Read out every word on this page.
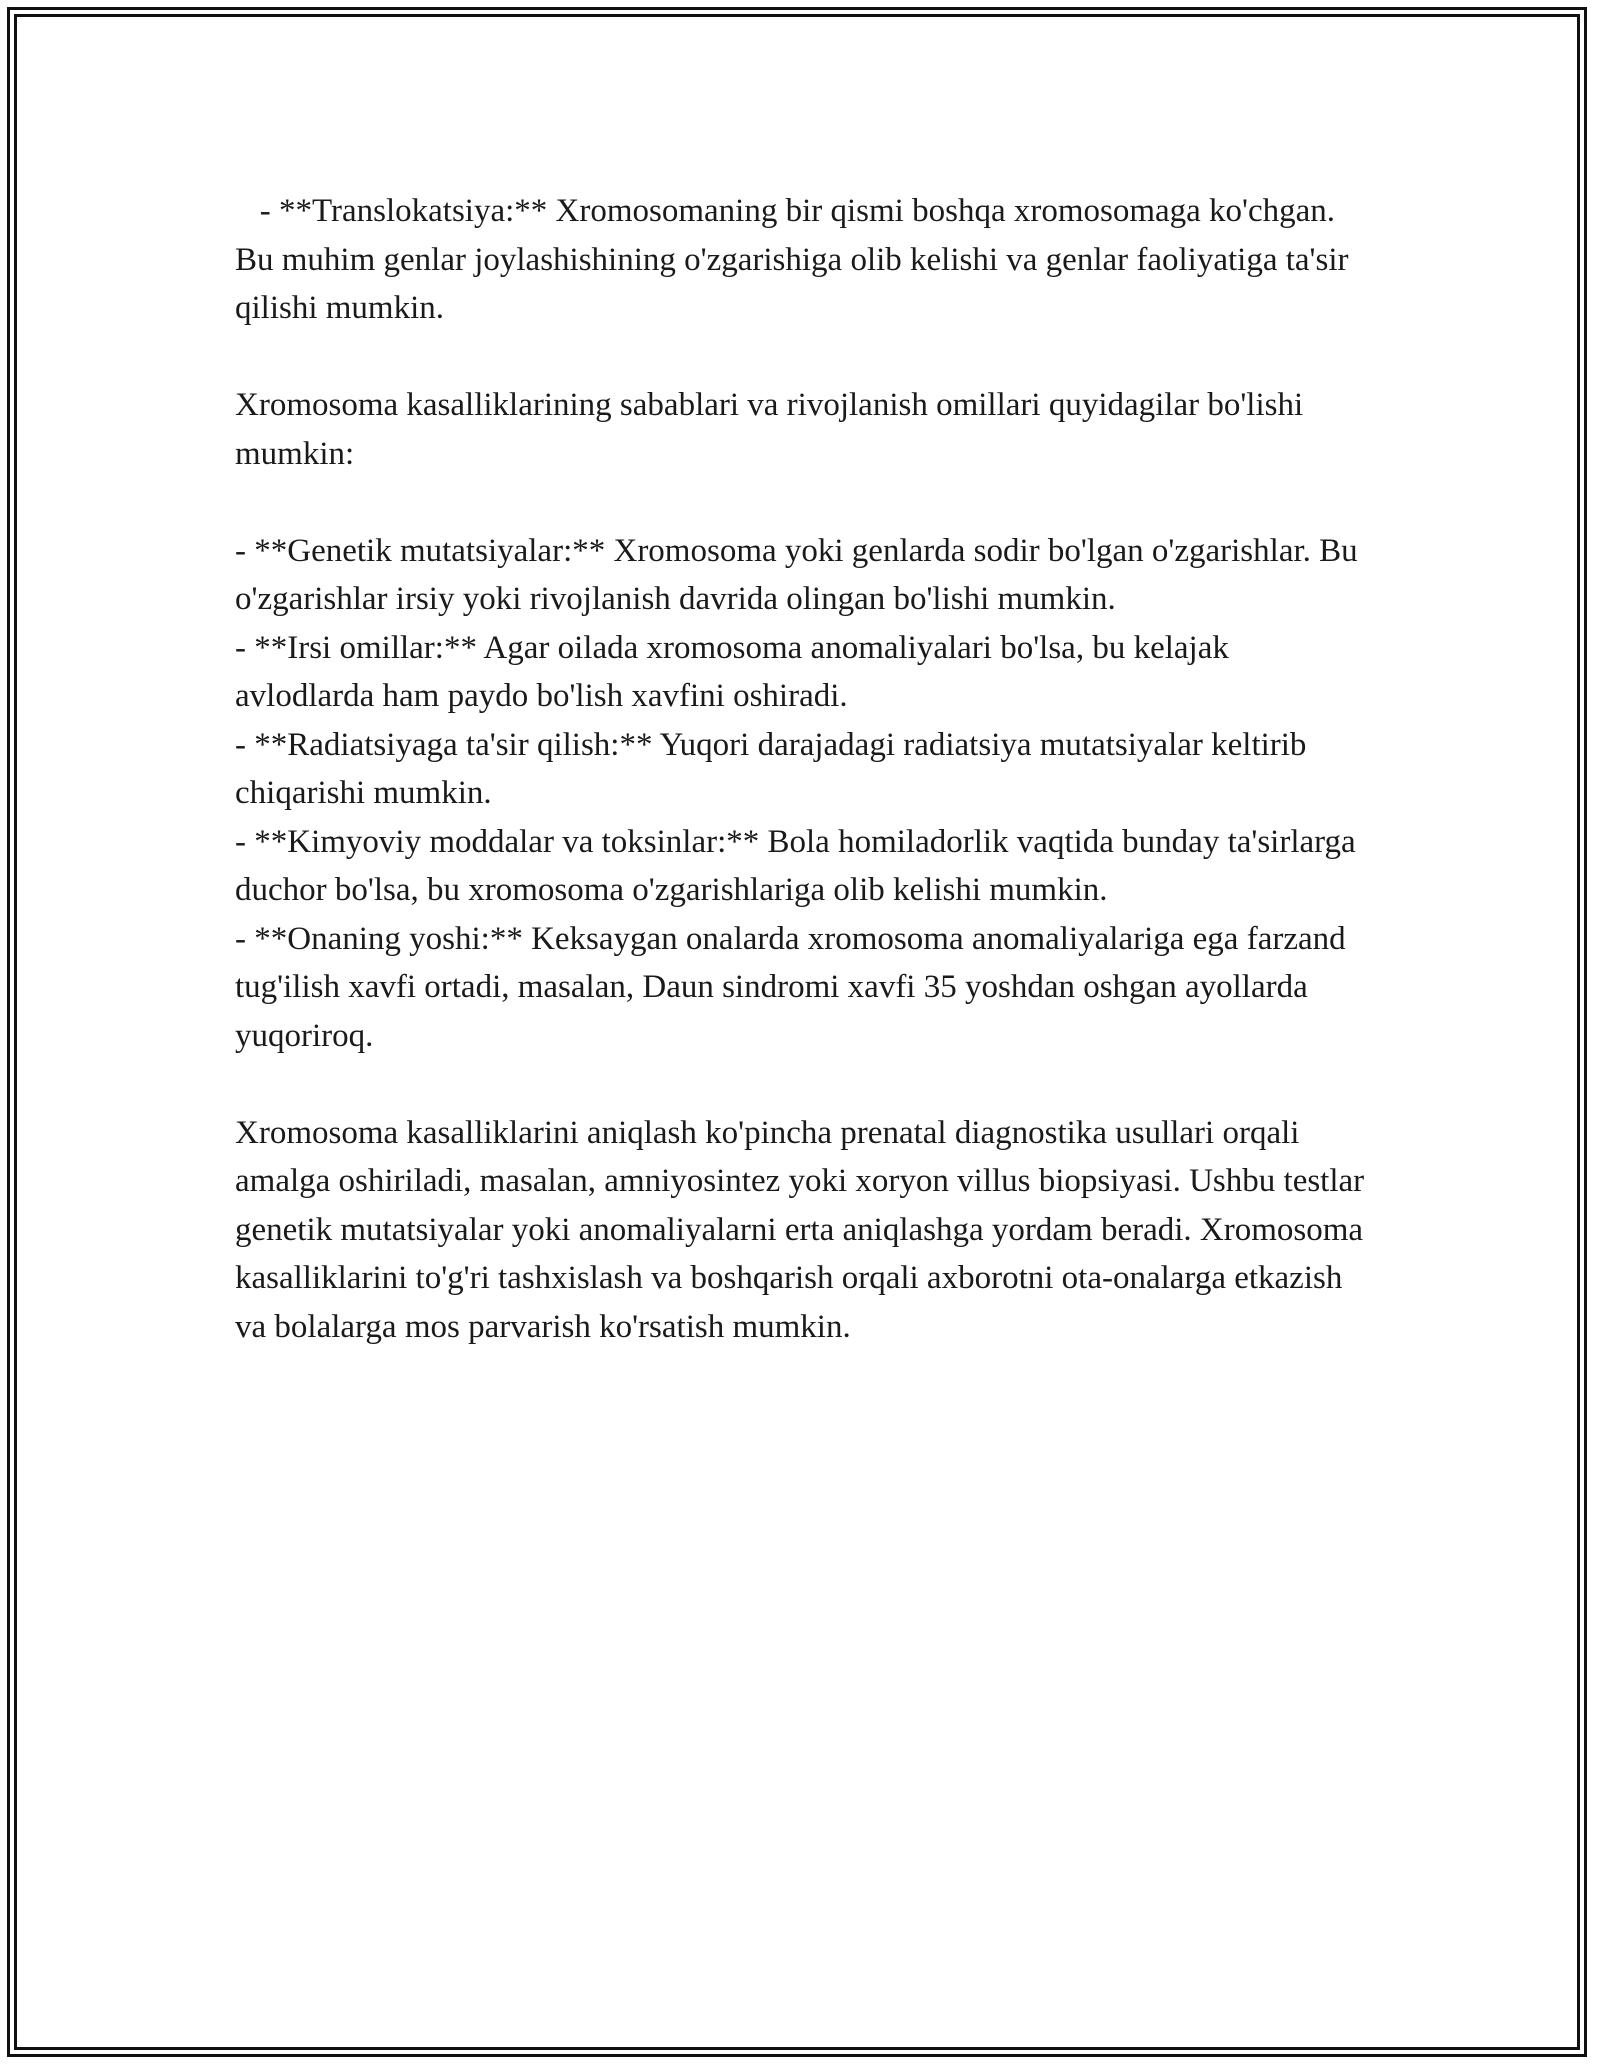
- **Translokatsiya:** Xromosomaning bir qismi boshqa xromosomaga ko'chgan. Bu muhim genlar joylashishining o'zgarishiga olib kelishi va genlar faoliyatiga ta'sir qilishi mumkin.

Xromosoma kasalliklarining sabablari va rivojlanish omillari quyidagilar bo'lishi mumkin:

- **Genetik mutatsiyalar:** Xromosoma yoki genlarda sodir bo'lgan o'zgarishlar. Bu o'zgarishlar irsiy yoki rivojlanish davrida olingan bo'lishi mumkin.
- **Irsi omillar:** Agar oilada xromosoma anomaliyalari bo'lsa, bu kelajak avlodlarda ham paydo bo'lish xavfini oshiradi.
- **Radiatsiyaga ta'sir qilish:** Yuqori darajadagi radiatsiya mutatsiyalar keltirib chiqarishi mumkin.
- **Kimyoviy moddalar va toksinlar:** Bola homiladorlik vaqtida bunday ta'sirlarga duchor bo'lsa, bu xromosoma o'zgarishlariga olib kelishi mumkin.
- **Onaning yoshi:** Keksaygan onalarda xromosoma anomaliyalariga ega farzand tug'ilish xavfi ortadi, masalan, Daun sindromi xavfi 35 yoshdan oshgan ayollarda yuqoriroq.

Xromosoma kasalliklarini aniqlash ko'pincha prenatal diagnostika usullari orqali amalga oshiriladi, masalan, amniyosintez yoki xoryon villus biopsiyasi. Ushbu testlar genetik mutatsiyalar yoki anomaliyalarni erta aniqlashga yordam beradi. Xromosoma kasalliklarini to'g'ri tashxislash va boshqarish orqali axborotni ota-onalarga etkazish va bolalarga mos parvarish ko'rsatish mumkin.
